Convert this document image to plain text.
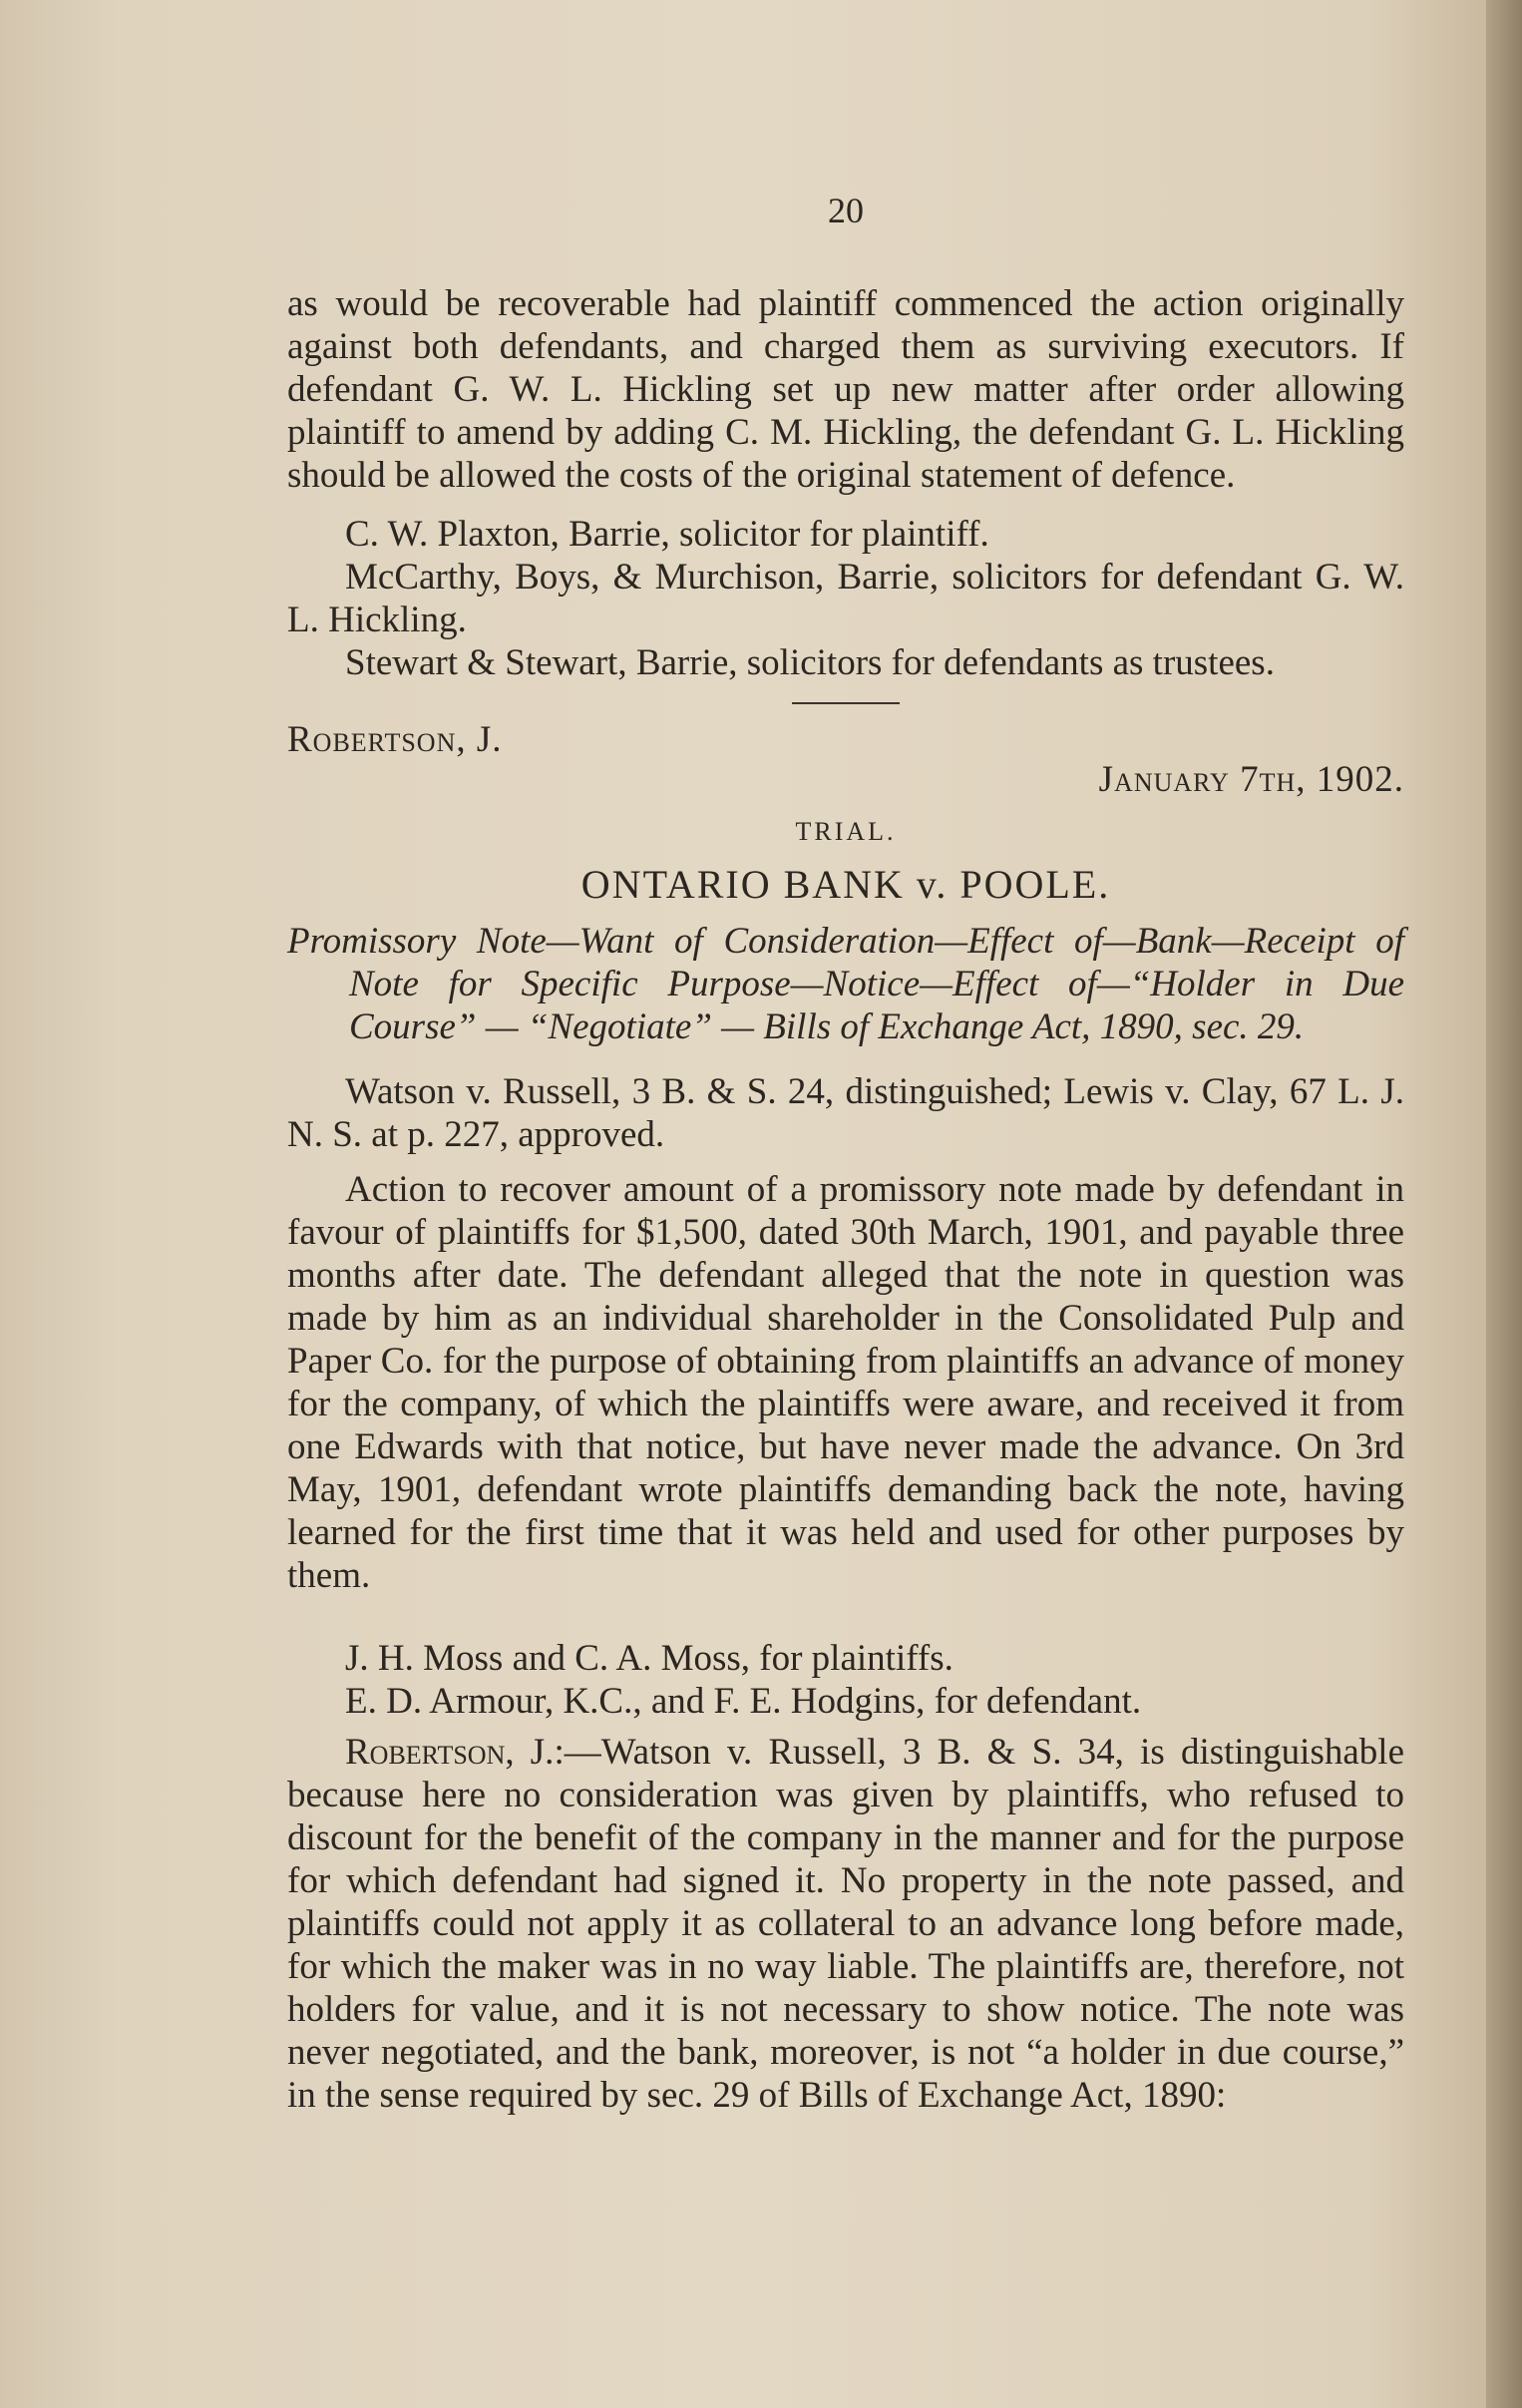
20

as would be recoverable had plaintiff commenced the action originally against both defendants, and charged them as surviving executors. If defendant G. W. L. Hickling set up new matter after order allowing plaintiff to amend by adding C. M. Hickling, the defendant G. L. Hickling should be allowed the costs of the original statement of defence.

C. W. Plaxton, Barrie, solicitor for plaintiff.

McCarthy, Boys, & Murchison, Barrie, solicitors for defendant G. W. L. Hickling.

Stewart & Stewart, Barrie, solicitors for defendants as trustees.

Robertson, J.
January 7th, 1902.
TRIAL.
ONTARIO BANK v. POOLE.

Promissory Note—Want of Consideration—Effect of—Bank—Receipt of Note for Specific Purpose—Notice—Effect of—“Holder in Due Course” — “Negotiate” — Bills of Exchange Act, 1890, sec. 29.

Watson v. Russell, 3 B. & S. 24, distinguished; Lewis v. Clay, 67 L. J. N. S. at p. 227, approved.

Action to recover amount of a promissory note made by defendant in favour of plaintiffs for $1,500, dated 30th March, 1901, and payable three months after date. The defendant alleged that the note in question was made by him as an individual shareholder in the Consolidated Pulp and Paper Co. for the purpose of obtaining from plaintiffs an advance of money for the company, of which the plaintiffs were aware, and received it from one Edwards with that notice, but have never made the advance. On 3rd May, 1901, defendant wrote plaintiffs demanding back the note, having learned for the first time that it was held and used for other purposes by them.

J. H. Moss and C. A. Moss, for plaintiffs.

E. D. Armour, K.C., and F. E. Hodgins, for defendant.

Robertson, J.:—Watson v. Russell, 3 B. & S. 34, is distinguishable because here no consideration was given by plaintiffs, who refused to discount for the benefit of the company in the manner and for the purpose for which defendant had signed it. No property in the note passed, and plaintiffs could not apply it as collateral to an advance long before made, for which the maker was in no way liable. The plaintiffs are, therefore, not holders for value, and it is not necessary to show notice. The note was never negotiated, and the bank, moreover, is not “a holder in due course,” in the sense required by sec. 29 of Bills of Exchange Act, 1890:
